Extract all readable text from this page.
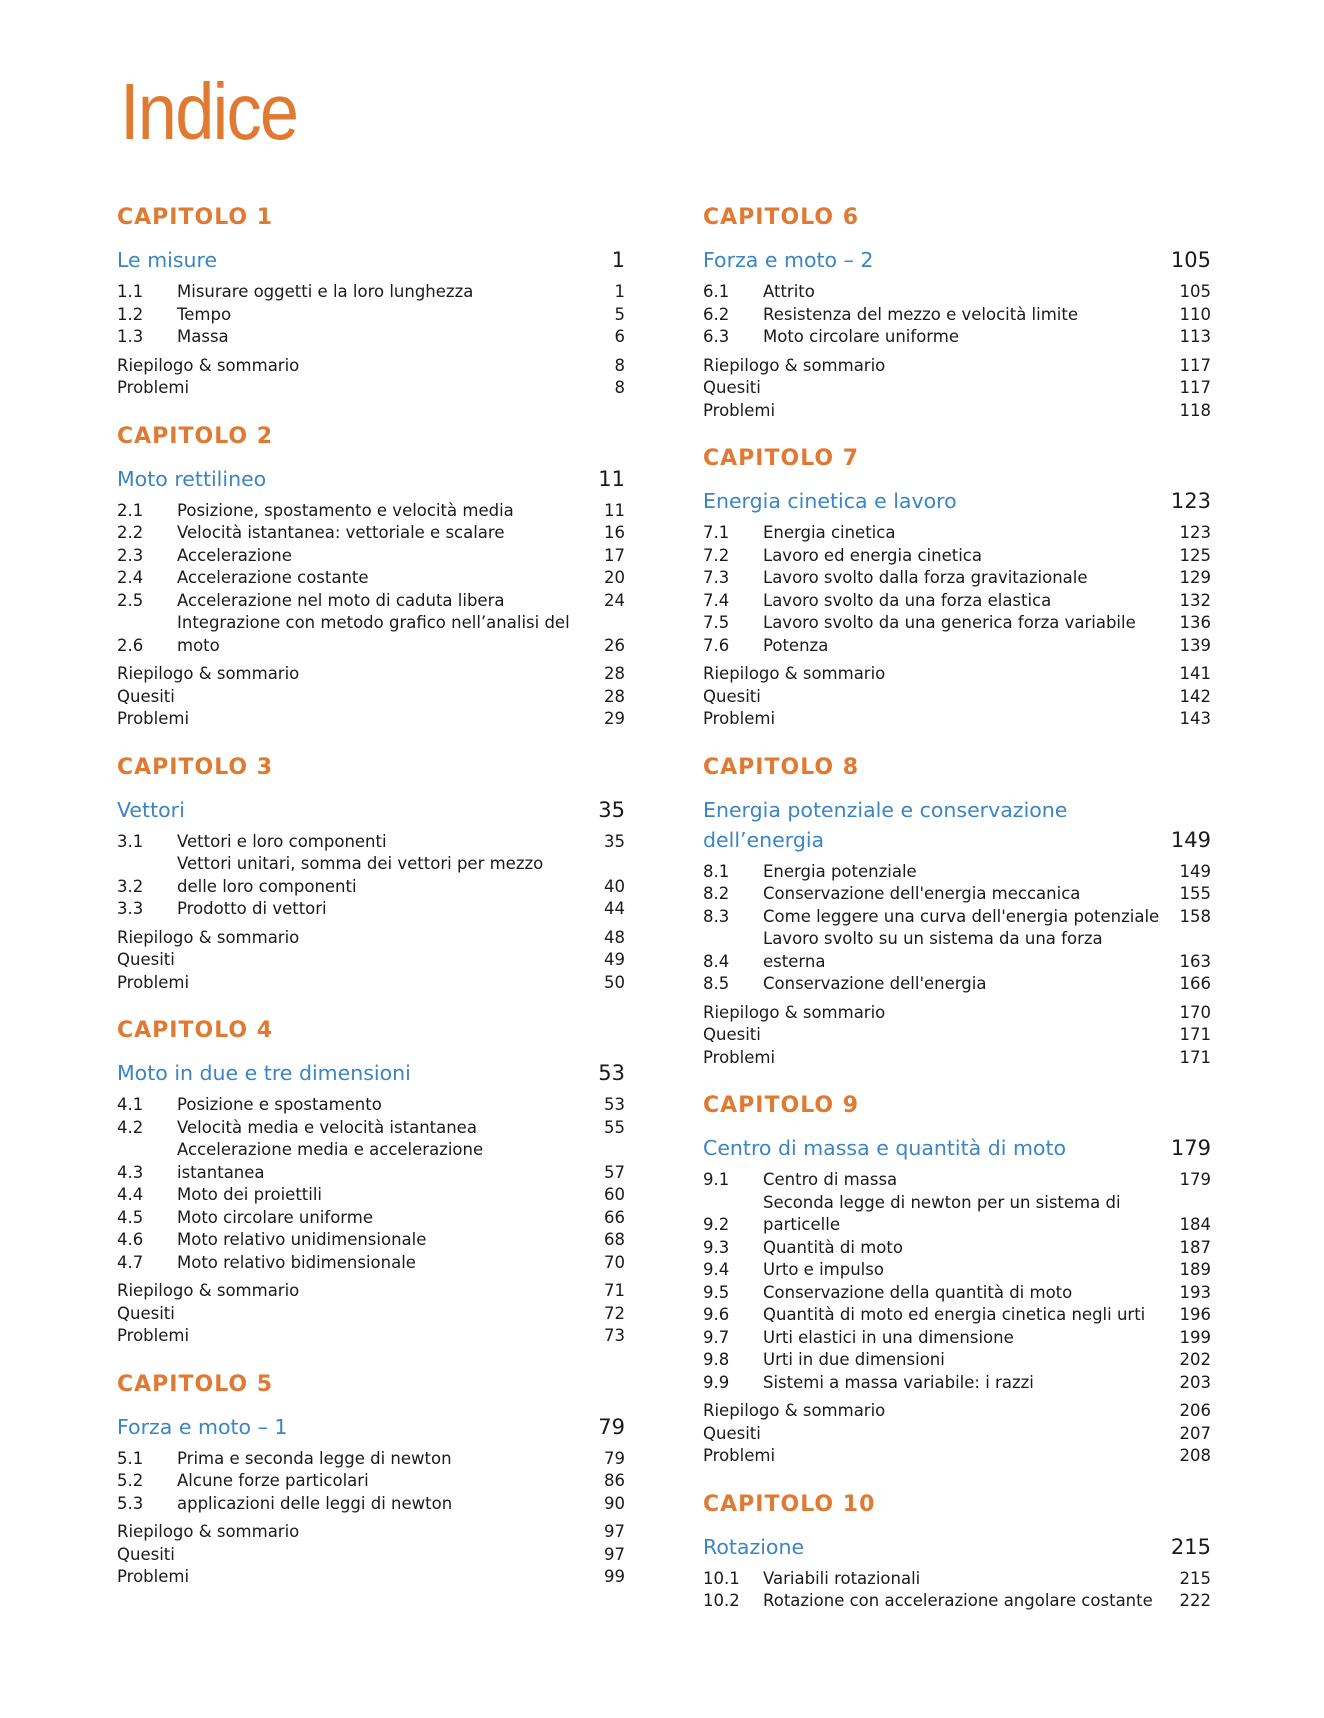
Indice
CAPITOLO 1
Le misure	1
1.1	Misurare oggetti e la loro lunghezza	1
1.2	Tempo	5
1.3	Massa	6
Riepilogo & sommario	8
Problemi	8
CAPITOLO 2
Moto rettilineo	11
2.1	Posizione, spostamento e velocità media	11
2.2	Velocità istantanea: vettoriale e scalare	16
2.3	Accelerazione	17
2.4	Accelerazione costante	20
2.5	Accelerazione nel moto di caduta libera	24
2.6
Integrazione con metodo grafico nell’analisi del moto	26
Riepilogo & sommario	28
Quesiti	28
Problemi	29
CAPITOLO 3
Vettori	35
3.1	Vettori e loro componenti	35
3.2
Vettori unitari, somma dei vettori per mezzo delle loro componenti	40
3.3	Prodotto di vettori	44
Riepilogo & sommario	48
Quesiti	49
Problemi	50
CAPITOLO 4
Moto in due e tre dimensioni	53
4.1	Posizione e spostamento	53
4.2	Velocità media e velocità istantanea	55
4.3
Accelerazione media e accelerazione istantanea	57
4.4	Moto dei proiettili	60
4.5	Moto circolare uniforme	66
4.6	Moto relativo unidimensionale	68
4.7	Moto relativo bidimensionale	70
Riepilogo & sommario	71
Quesiti	72
Problemi	73
CAPITOLO 5
Forza e moto – 1	79
5.1	Prima e seconda legge di newton	79
5.2	Alcune forze particolari	86
5.3	applicazioni delle leggi di newton	90
Riepilogo & sommario	97
Quesiti	97
Problemi	99
CAPITOLO 6
Forza e moto – 2	105
6.1	Attrito	105
6.2	Resistenza del mezzo e velocità limite	110
6.3	Moto circolare uniforme	113
Riepilogo & sommario	117
Quesiti	117
Problemi	118
CAPITOLO 7
Energia cinetica e lavoro	123
7.1	Energia cinetica	123
7.2	Lavoro ed energia cinetica	125
7.3	Lavoro svolto dalla forza gravitazionale	129
7.4	Lavoro svolto da una forza elastica	132
7.5	Lavoro svolto da una generica forza variabile	136
7.6	Potenza	139
Riepilogo & sommario	141
Quesiti	142
Problemi	143
CAPITOLO 8
Energia potenziale e conservazione dell’energia	149
8.1	Energia potenziale	149
8.2	Conservazione dell'energia meccanica	155
8.3	Come leggere una curva dell'energia potenziale	158
8.4
Lavoro svolto su un sistema da una forza esterna	163
8.5	Conservazione dell'energia	166
Riepilogo & sommario	170
Quesiti	171
Problemi	171
CAPITOLO 9
Centro di massa e quantità di moto	179
9.1	Centro di massa	179
9.2
Seconda legge di newton per un sistema di particelle	184
9.3	Quantità di moto	187
9.4	Urto e impulso	189
9.5	Conservazione della quantità di moto	193
9.6	Quantità di moto ed energia cinetica negli urti	196
9.7	Urti elastici in una dimensione	199
9.8	Urti in due dimensioni	202
9.9	Sistemi a massa variabile: i razzi	203
Riepilogo & sommario	206
Quesiti	207
Problemi	208
CAPITOLO 10
Rotazione	215
10.1	Variabili rotazionali	215
10.2	Rotazione con accelerazione angolare costante	222
